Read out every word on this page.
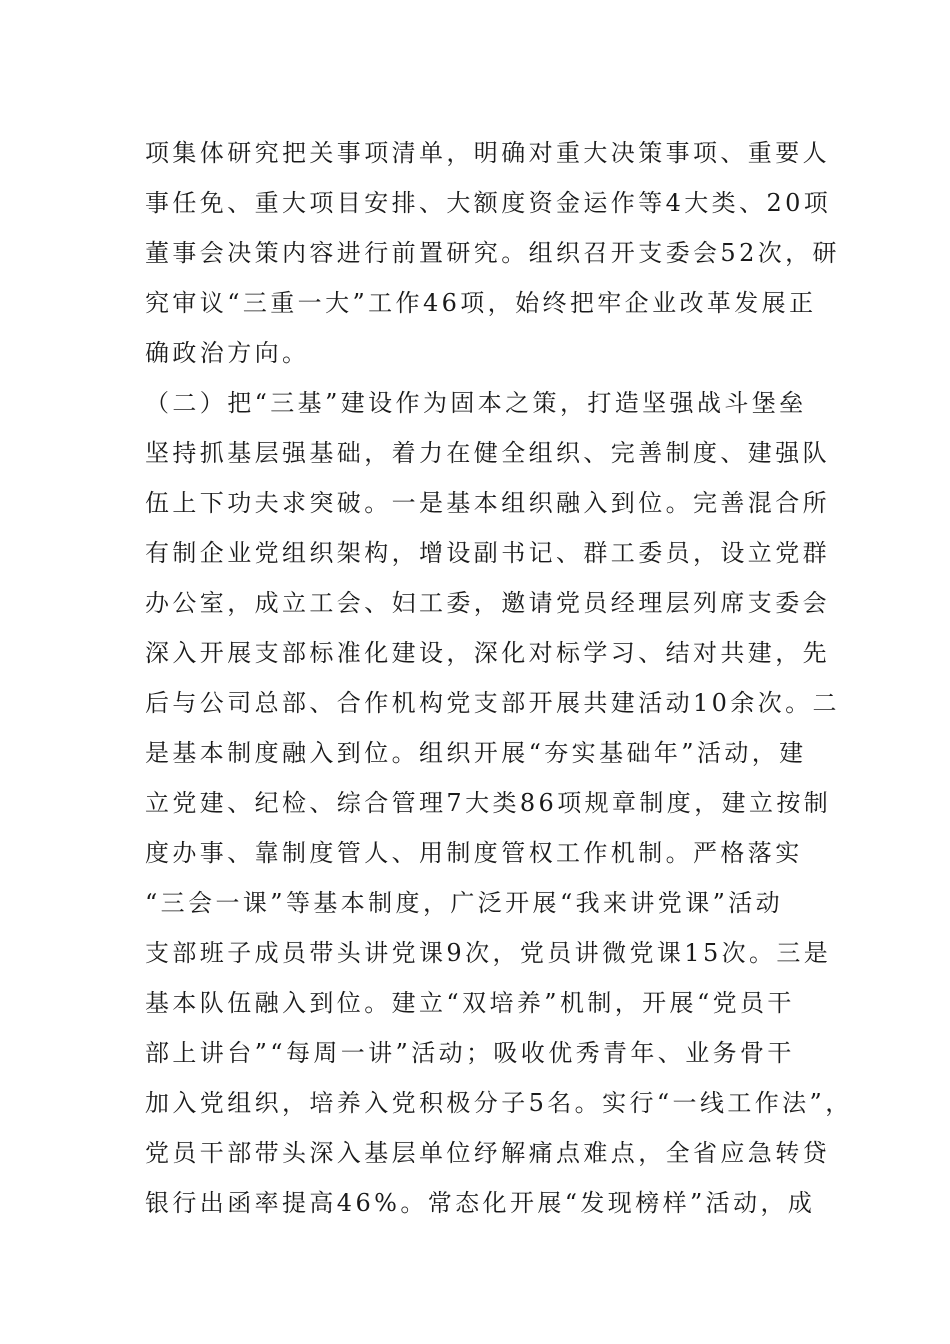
项集体研究把关事项清单，明确对重大决策事项、重要人
事任免、重大项目安排、大额度资金运作等4大类、20项
董事会决策内容进行前置研究。组织召开支委会52次，研
究审议“三重一大”工作46项，始终把牢企业改革发展正
确政治方向。
（二）把“三基”建设作为固本之策，打造坚强战斗堡垒
坚持抓基层强基础，着力在健全组织、完善制度、建强队
伍上下功夫求突破。一是基本组织融入到位。完善混合所
有制企业党组织架构，增设副书记、群工委员，设立党群
办公室，成立工会、妇工委，邀请党员经理层列席支委会
深入开展支部标准化建设，深化对标学习、结对共建，先
后与公司总部、合作机构党支部开展共建活动10余次。二
是基本制度融入到位。组织开展“夯实基础年”活动，建
立党建、纪检、综合管理7大类86项规章制度，建立按制
度办事、靠制度管人、用制度管权工作机制。严格落实
“三会一课”等基本制度，广泛开展“我来讲党课”活动
支部班子成员带头讲党课9次，党员讲微党课15次。三是
基本队伍融入到位。建立“双培养”机制，开展“党员干
部上讲台”“每周一讲”活动；吸收优秀青年、业务骨干
加入党组织，培养入党积极分子5名。实行“一线工作法”，
党员干部带头深入基层单位纾解痛点难点，全省应急转贷
银行出函率提高46%。常态化开展“发现榜样”活动，成
